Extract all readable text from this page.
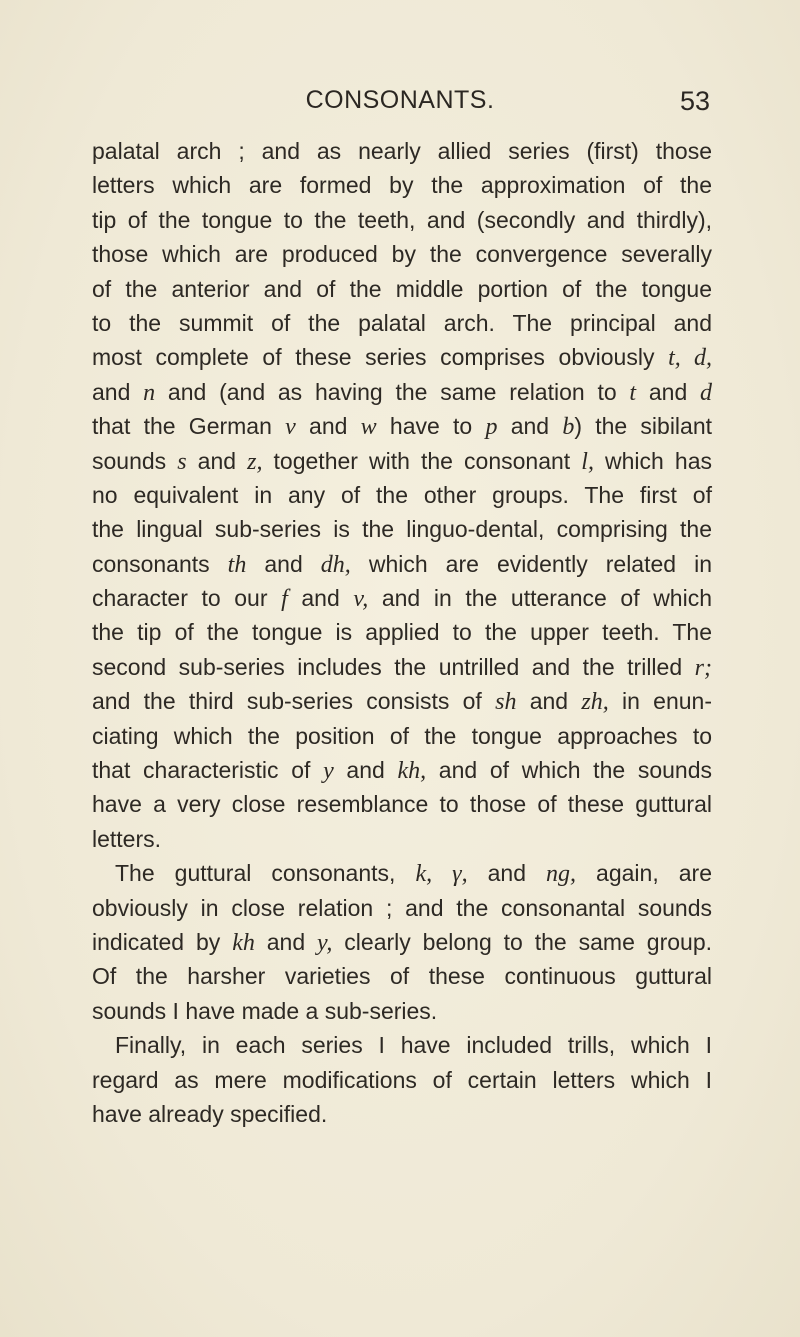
CONSONANTS.	53
palatal arch ; and as nearly allied series (first) those
letters which are formed by the approximation of the
tip of the tongue to the teeth, and (secondly and thirdly),
those which are produced by the convergence severally
of the anterior and of the middle portion of the tongue
to the summit of the palatal arch. The principal and
most complete of these series comprises obviously t, d,
and n and (and as having the same relation to t and d
that the German v and w have to p and b) the sibilant
sounds s and z, together with the consonant l, which has
no equivalent in any of the other groups. The first of
the lingual sub-series is the linguo-dental, comprising the
consonants th and dh, which are evidently related in
character to our f and v, and in the utterance of which
the tip of the tongue is applied to the upper teeth. The
second sub-series includes the untrilled and the trilled r;
and the third sub-series consists of sh and zh, in enun-
ciating which the position of the tongue approaches to
that characteristic of y and kh, and of which the sounds
have a very close resemblance to those of these guttural
letters.
The guttural consonants, k, γ, and ng, again, are
obviously in close relation ; and the consonantal sounds
indicated by kh and y, clearly belong to the same group.
Of the harsher varieties of these continuous guttural
sounds I have made a sub-series.
Finally, in each series I have included trills, which I
regard as mere modifications of certain letters which I
have already specified.
